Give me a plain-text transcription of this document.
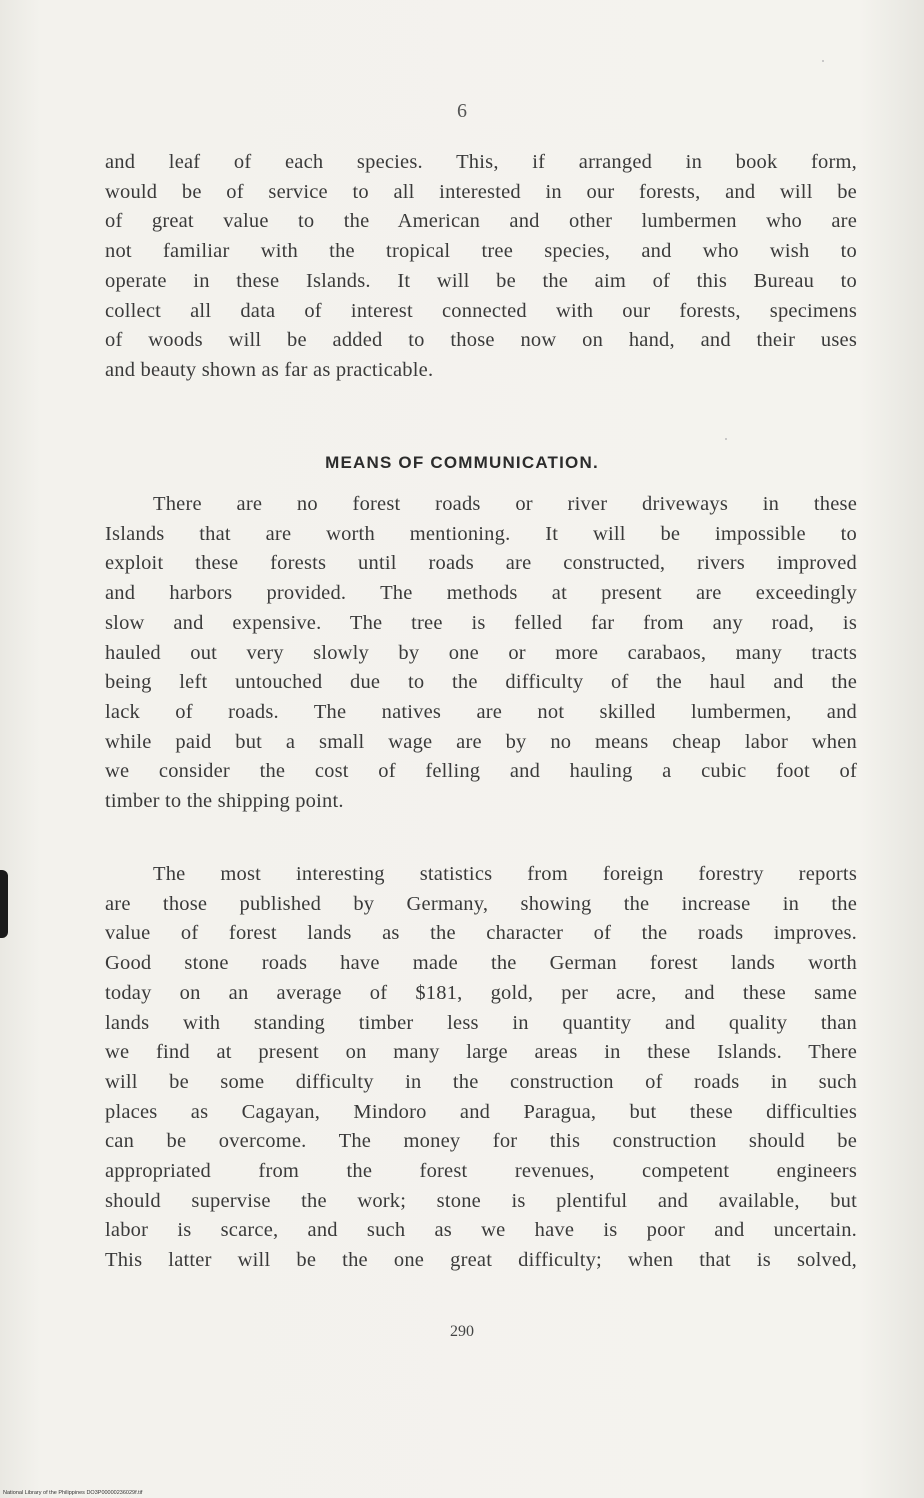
6
and leaf of each species. This, if arranged in book form,
would be of service to all interested in our forests, and will be
of great value to the American and other lumbermen who are
not familiar with the tropical tree species, and who wish to
operate in these Islands. It will be the aim of this Bureau to
collect all data of interest connected with our forests, specimens
of woods will be added to those now on hand, and their uses
and beauty shown as far as practicable.
MEANS OF COMMUNICATION.
There are no forest roads or river driveways in these
Islands that are worth mentioning. It will be impossible to
exploit these forests until roads are constructed, rivers improved
and harbors provided. The methods at present are exceedingly
slow and expensive. The tree is felled far from any road, is
hauled out very slowly by one or more carabaos, many tracts
being left untouched due to the difficulty of the haul and the
lack of roads. The natives are not skilled lumbermen, and
while paid but a small wage are by no means cheap labor when
we consider the cost of felling and hauling a cubic foot of
timber to the shipping point.
The most interesting statistics from foreign forestry reports
are those published by Germany, showing the increase in the
value of forest lands as the character of the roads improves.
Good stone roads have made the German forest lands worth
today on an average of $181, gold, per acre, and these same
lands with standing timber less in quantity and quality than
we find at present on many large areas in these Islands. There
will be some difficulty in the construction of roads in such
places as Cagayan, Mindoro and Paragua, but these difficulties
can be overcome. The money for this construction should be
appropriated from the forest revenues, competent engineers
should supervise the work; stone is plentiful and available, but
labor is scarce, and such as we have is poor and uncertain.
This latter will be the one great difficulty; when that is solved,
290
National Library of the Philippines DO3P00000236029f.tif
